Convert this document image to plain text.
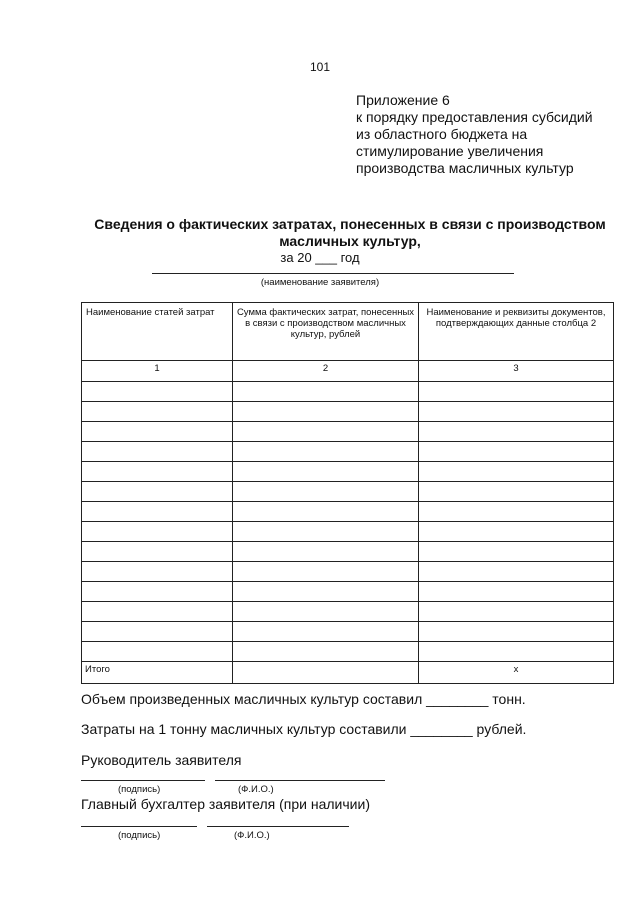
101
Приложение 6
к порядку предоставления субсидий
из областного бюджета на
стимулирование увеличения
производства масличных культур
Сведения о фактических затратах, понесенных в связи с производством
масличных культур,
за 20 ___ год
(наименование заявителя)
Наименование статей затрат	Сумма фактических затрат, понесенных в связи с производством масличных культур, рублей	Наименование и реквизиты документов, подтверждающих данные столбца 2
1	2	3

Итого		x
Объем произведенных масличных культур составил ________ тонн.
Затраты на 1 тонну масличных культур составили ________ рублей.
Руководитель заявителя
(подпись)	(Ф.И.О.)
Главный бухгалтер заявителя (при наличии)
(подпись)	(Ф.И.О.)
